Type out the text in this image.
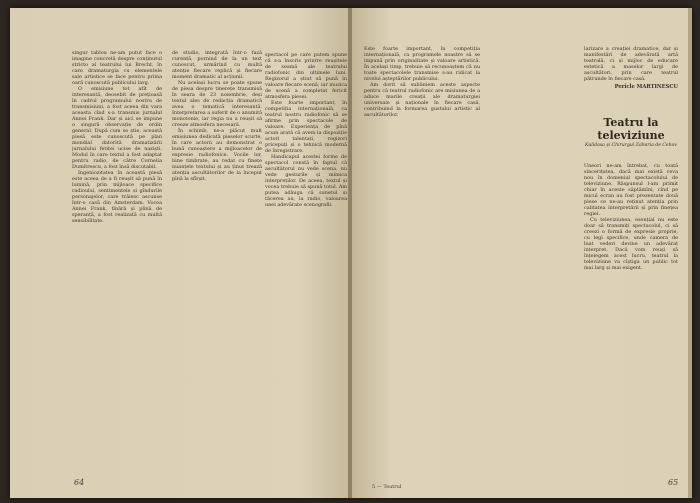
singur tablou ne-am putut face o imagine concretă despre conținutul stricto al teatrului lui Brecht, în care dramaturgia cu elementele sale artistice se face pentru prima oară cunoscută publicului larg.

O emisiune tot atît de interesantă, deosebit de prețioasă în cadrul programului nostru de transmisiuni, a fost aceea din vara aceasta cînd s-a transmis jurnalul Annei Frank. Dar și aici se impune o singură observație de ordin general. După cum se știe, această piesă este cunoscută pe plan mondial datorită dramatizării jurnalului fetiței ucise de naziști. Modul în care textul a fost adaptat pentru radio, de către Cornelia Dumitrescu, a fost însă discutabil.

Ingeniozitatea în această piesă este aceea de a fi reușit să pună în lumină, prin mijloace specifice radioului, sentimentele și gîndurile personajelor, care trăiesc ascunse într-o casă din Amsterdam. Vocea Annei Frank, tînără și plină de speranță, a fost realizată cu multă sensibilitate.

de studio, integrată într-o fază curentă, pornind de la un text cunoscut, urmărind cu multă atenție fiecare replică și fiecare moment dramatic al acțiunii.

Nu același lucru se poate spune de piesa despre tinerețe transmisă în seara de 23 noiembrie, deși textul ales de redacția dramatică avea o tematică interesantă. Interpretarea a suferit de o anumită monotonie, iar regia nu a reușit să creeze atmosfera necesară.

În schimb, ne-a plăcut mult emisiunea dedicată pieselor scurte, în care actorii au demonstrat o bună cunoaștere a mijloacelor de expresie radiofonice. Vocile lor, bine timbrate, au redat cu finețe nuanțele textului și au ținut trează atenția ascultătorilor de la început pînă la sfîrșit.

spectacol pe care putem spune că s-a înscris printre reușitele de seamă ale teatrului radiofonic din ultimele luni. Regizorul a știut să pună în valoare fiecare scenă, iar muzica de scenă a completat fericit atmosfera piesei.

Este foarte important, în competiția internațională, ca teatrul nostru radiofonic să se afirme prin spectacole de valoare. Experiența de pînă acum arată că avem la dispoziție actori talentați, regizori pricepuți și o tehnică modernă de înregistrare.

Handicapul acestei forme de spectacol constă în faptul că ascultătorul nu vede scena, nu vede gesturile și mimica interpreților. De aceea, textul și vocea trebuie să spună totul. Am putea adăuga că sunetul și tăcerea au, la radio, valoarea unei adevărate scenografii.

64

Este foarte important, în competiția internațională, ca programele noastre să se impună prin originalitate și valoare artistică. În același timp, trebuie să recunoaștem că nu toate spectacolele transmise s-au ridicat la nivelul așteptărilor publicului.

Am dorit să subliniem aceste aspecte pentru că teatrul radiofonic are misiunea de a aduce marile creații ale dramaturgiei universale și naționale în fiecare casă, contribuind la formarea gustului artistic al ascultătorilor.

larizare a creației dramatice, dar și manifestări de adevărată artă teatrală, ci și mijloc de educare estetică a maselor largi de ascultători, prin care teatrul pătrunde în fiecare casă.

Pericle MARTINESCU
Teatru la televiziune
Kalidasa și Chirurgul Zaharia de Cehov

Uneori ne-am întrebat, cu toată sinceritatea, dacă mai există ceva nou în domeniul spectacolului de televiziune. Răspunsul l-am primit chiar în aceste săptămîni, cînd pe micul ecran au fost prezentate două piese ce ne-au reținut atenția prin calitatea interpretării și prin finețea regiei.

Cu televiziunea, esențial nu este doar să transmiți spectacolul, ci să creezi o formă de expresie proprie, cu legi specifice, unde camera de luat vederi devine un adevărat interpret. Dacă vom reuși să înțelegem acest lucru, teatrul la televiziune va cîștiga un public tot mai larg și mai exigent.

5 — Teatrul	65
